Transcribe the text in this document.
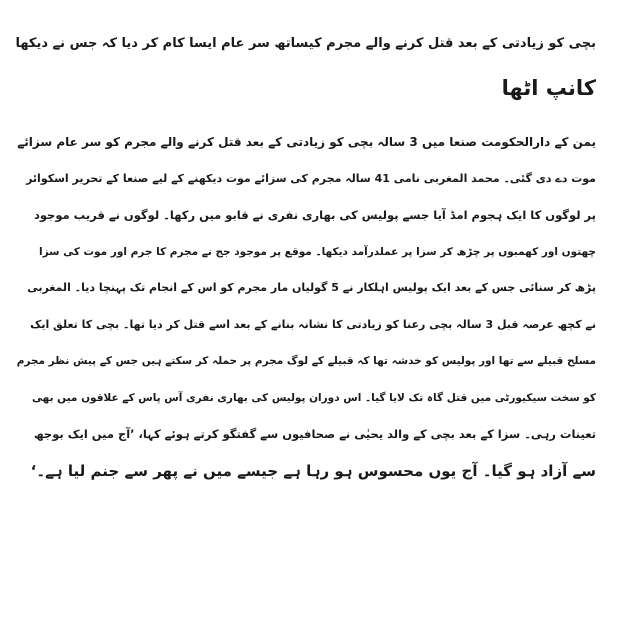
بچی کو زیادتی کے بعد قتل کرنے والے مجرم کیساتھ سر عام ایسا کام کر دیا کہ جس نے دیکھا
کانپ اٹھا

یمن کے دارالحکومت صنعا میں 3 سالہ بچی کو زیادتی کے بعد قتل کرنے والے مجرم کو سر عام سزائے
موت دے دی گئی۔ محمد المغربی نامی 41 سالہ مجرم کی سزائے موت دیکھنے کے لیے صنعا کے تحریر اسکوائر
پر لوگوں کا ایک ہجوم امڈ آیا جسے پولیس کی بھاری نفری نے قابو میں رکھا۔ لوگوں نے قریب موجود
چھتوں اور کھمبوں پر چڑھ کر سزا پر عملدرآمد دیکھا۔ موقع پر موجود جج نے مجرم کا جرم اور موت کی سزا
پڑھ کر سنائی جس کے بعد ایک پولیس اہلکار نے 5 گولیاں مار مجرم کو اس کے انجام تک پہنچا دیا۔ المغربی
نے کچھ عرصہ قبل 3 سالہ بچی رعنا کو زیادتی کا نشانہ بنانے کے بعد اسے قتل کر دیا تھا۔ بچی کا تعلق ایک
مسلح قبیلے سے تھا اور پولیس کو خدشہ تھا کہ قبیلے کے لوگ مجرم پر حملہ کر سکتے ہیں جس کے پیش نظر مجرم
کو سخت سیکیورٹی میں قتل گاہ تک لایا گیا۔ اس دوران پولیس کی بھاری نفری آس پاس کے علاقوں میں بھی
تعینات رہی۔ سزا کے بعد بچی کے والد یحیٰی نے صحافیوں سے گفتگو کرتے ہوئے کہا، ’آج میں ایک بوجھ
سے آزاد ہو گیا۔ آج یوں محسوس ہو رہا ہے جیسے میں نے پھر سے جنم لیا ہے۔‘
